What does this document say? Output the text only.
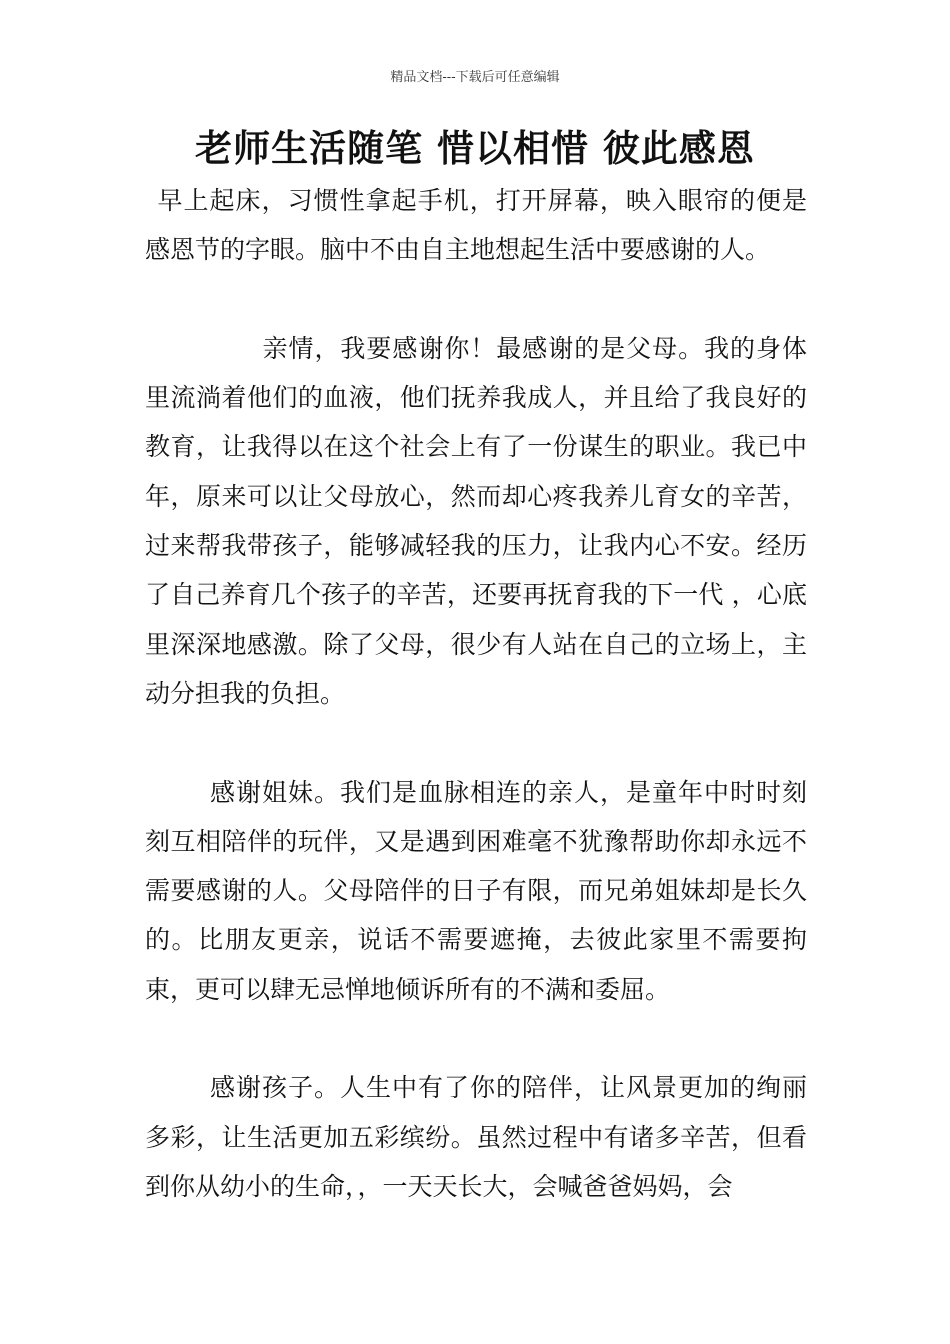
精品文档---下载后可任意编辑
老师生活随笔 惜以相惜 彼此感恩

早上起床，习惯性拿起手机，打开屏幕，映入眼帘的便是感恩节的字眼。脑中不由自主地想起生活中要感谢的人。

亲情，我要感谢你！最感谢的是父母。我的身体里流淌着他们的血液，他们抚养我成人，并且给了我良好的教育，让我得以在这个社会上有了一份谋生的职业。我已中年，原来可以让父母放心，然而却心疼我养儿育女的辛苦，过来帮我带孩子，能够减轻我的压力，让我内心不安。经历了自己养育几个孩子的辛苦，还要再抚育我的下一代 ，心底里深深地感激。除了父母，很少有人站在自己的立场上，主动分担我的负担。

感谢姐妹。我们是血脉相连的亲人，是童年中时时刻刻互相陪伴的玩伴，又是遇到困难毫不犹豫帮助你却永远不需要感谢的人。父母陪伴的日子有限，而兄弟姐妹却是长久的。比朋友更亲，说话不需要遮掩，去彼此家里不需要拘束，更可以肆无忌惮地倾诉所有的不满和委屈。

感谢孩子。人生中有了你的陪伴，让风景更加的绚丽多彩，让生活更加五彩缤纷。虽然过程中有诸多辛苦，但看到你从幼小的生命，，一天天长大，会喊爸爸妈妈，会
